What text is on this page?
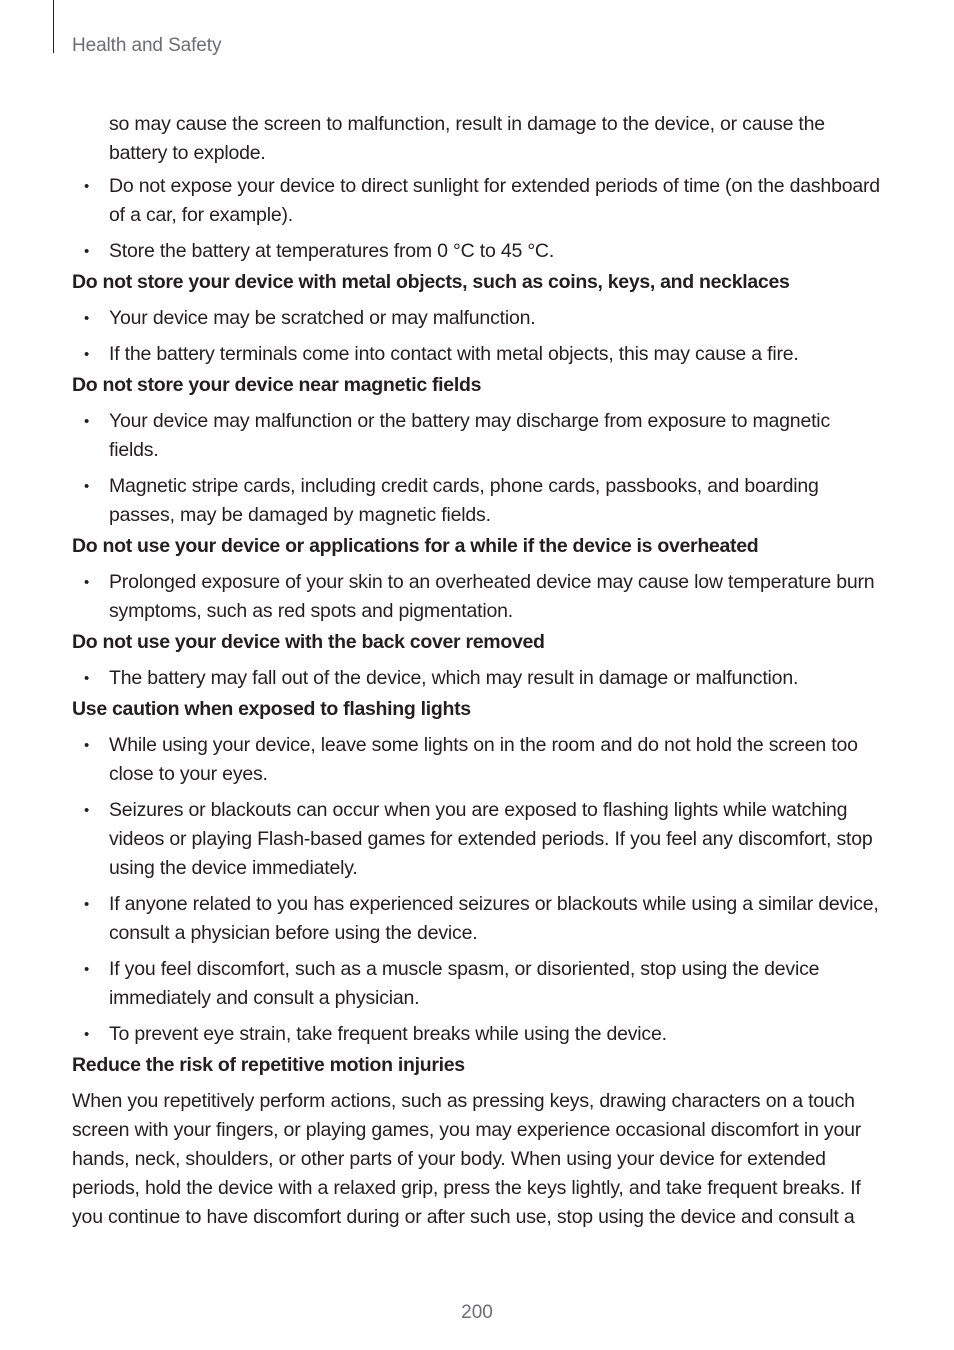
Health and Safety

so may cause the screen to malfunction, result in damage to the device, or cause the battery to explode.

• Do not expose your device to direct sunlight for extended periods of time (on the dashboard of a car, for example).
• Store the battery at temperatures from 0 °C to 45 °C.
Do not store your device with metal objects, such as coins, keys, and necklaces
• Your device may be scratched or may malfunction.
• If the battery terminals come into contact with metal objects, this may cause a fire.
Do not store your device near magnetic fields
• Your device may malfunction or the battery may discharge from exposure to magnetic fields.
• Magnetic stripe cards, including credit cards, phone cards, passbooks, and boarding passes, may be damaged by magnetic fields.
Do not use your device or applications for a while if the device is overheated
• Prolonged exposure of your skin to an overheated device may cause low temperature burn symptoms, such as red spots and pigmentation.
Do not use your device with the back cover removed
• The battery may fall out of the device, which may result in damage or malfunction.
Use caution when exposed to flashing lights
• While using your device, leave some lights on in the room and do not hold the screen too close to your eyes.
• Seizures or blackouts can occur when you are exposed to flashing lights while watching videos or playing Flash-based games for extended periods. If you feel any discomfort, stop using the device immediately.
• If anyone related to you has experienced seizures or blackouts while using a similar device, consult a physician before using the device.
• If you feel discomfort, such as a muscle spasm, or disoriented, stop using the device immediately and consult a physician.
• To prevent eye strain, take frequent breaks while using the device.
Reduce the risk of repetitive motion injuries

When you repetitively perform actions, such as pressing keys, drawing characters on a touch screen with your fingers, or playing games, you may experience occasional discomfort in your hands, neck, shoulders, or other parts of your body. When using your device for extended periods, hold the device with a relaxed grip, press the keys lightly, and take frequent breaks. If you continue to have discomfort during or after such use, stop using the device and consult a

200
